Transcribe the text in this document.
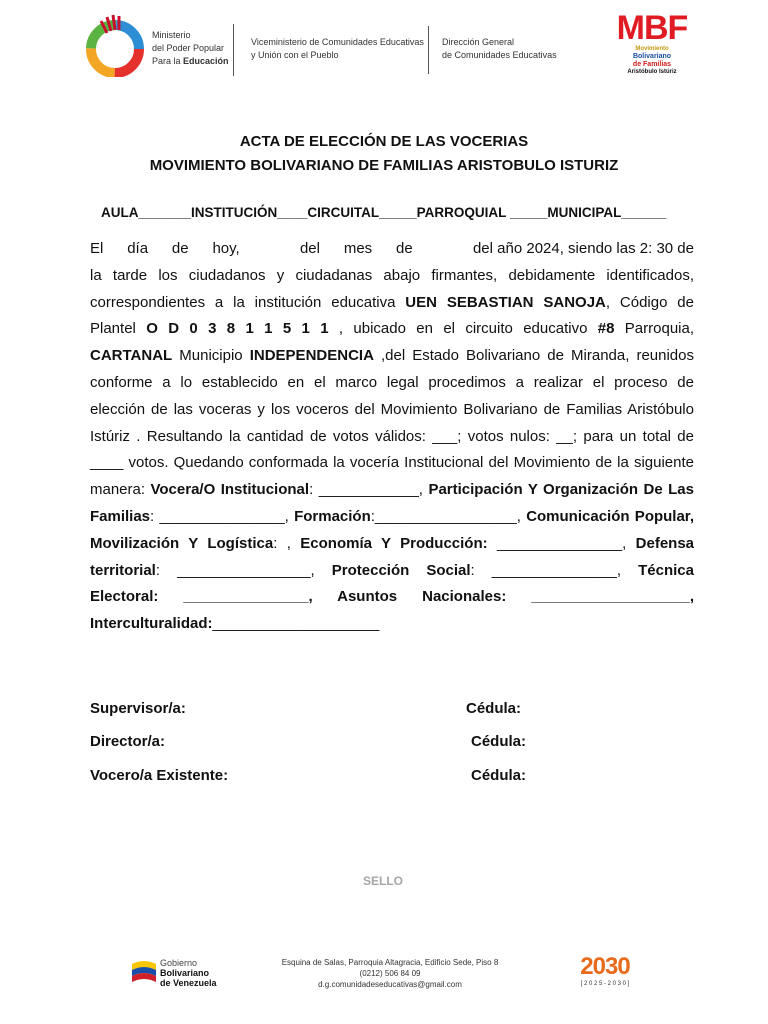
Ministerio
del Poder Popular
Para la Educación
Viceministerio de Comunidades Educativas
y Unión con el Pueblo
Dirección General
de Comunidades Educativas
MBF
Movimiento
Bolivariano
de Familias
Aristóbulo Istúriz
ACTA DE ELECCIÓN DE LAS VOCERIAS
MOVIMIENTO BOLIVARIANO DE FAMILIAS ARISTOBULO ISTURIZ
AULA_______INSTITUCIÓN____CIRCUITAL_____PARROQUIAL _____MUNICIPAL______
El día de hoy,
	del mes de
	del año 2024, siendo las 2: 30 de
la tarde los ciudadanos y ciudadanas abajo firmantes, debidamente identificados,
correspondientes a la institución educativa UEN SEBASTIAN SANOJA, Código de
Plantel O D 0 3 8 1 1 5 1 1 , ubicado en el circuito educativo #8 Parroquia,
CARTANAL Municipio INDEPENDENCIA ,del Estado Bolivariano de Miranda, reunidos
conforme a lo establecido en el marco legal procedimos a realizar el proceso de
elección de las voceras y los voceros del Movimiento Bolivariano de Familias Aristóbulo
Istúriz . Resultando la cantidad de votos válidos: ___; votos nulos: __; para un total de
____ votos. Quedando conformada la vocería Institucional del Movimiento de la siguiente
manera: Vocera/O Institucional: ____________, Participación Y Organización De Las
Familias: _______________, Formación:_________________, Comunicación Popular,
Movilización Y Logística: , Economía Y Producción: _______________, Defensa
territorial: ________________, Protección Social: _______________, Técnica
Electoral: _______________, Asuntos Nacionales: ___________________,
Interculturalidad:____________________
Supervisor/a:	Cédula:
Director/a:	Cédula:
Vocero/a Existente:	Cédula:
SELLO
Gobierno
Bolivariano
de Venezuela
Esquina de Salas, Parroquia Altagracia, Edificio Sede, Piso 8
(0212) 506 84 09
d.g.comunidadeseducativas@gmail.com
2030
[ 2 0 2 5 - 2 0 3 0 ]
